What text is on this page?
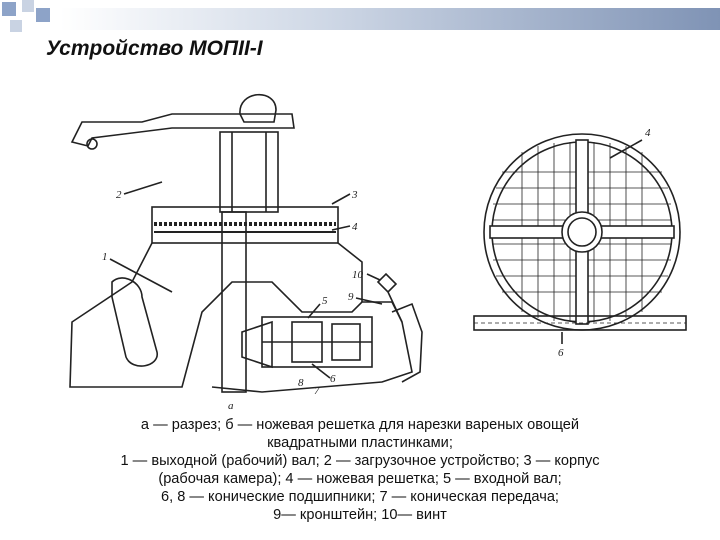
Устройство МОПII-I
2	3
4
1
10
9
5
6
7
8
а
4
6
а — разрез; б — ножевая решетка для нарезки вареных овощей
квадратными пластинками;
1 — выходной (рабочий) вал; 2 — загрузочное устройство; 3 — корпус
(рабочая камера); 4 — ножевая решетка; 5 — входной вал;
6, 8 — конические подшипники; 7 — коническая передача;
9— кронштейн; 10— винт
